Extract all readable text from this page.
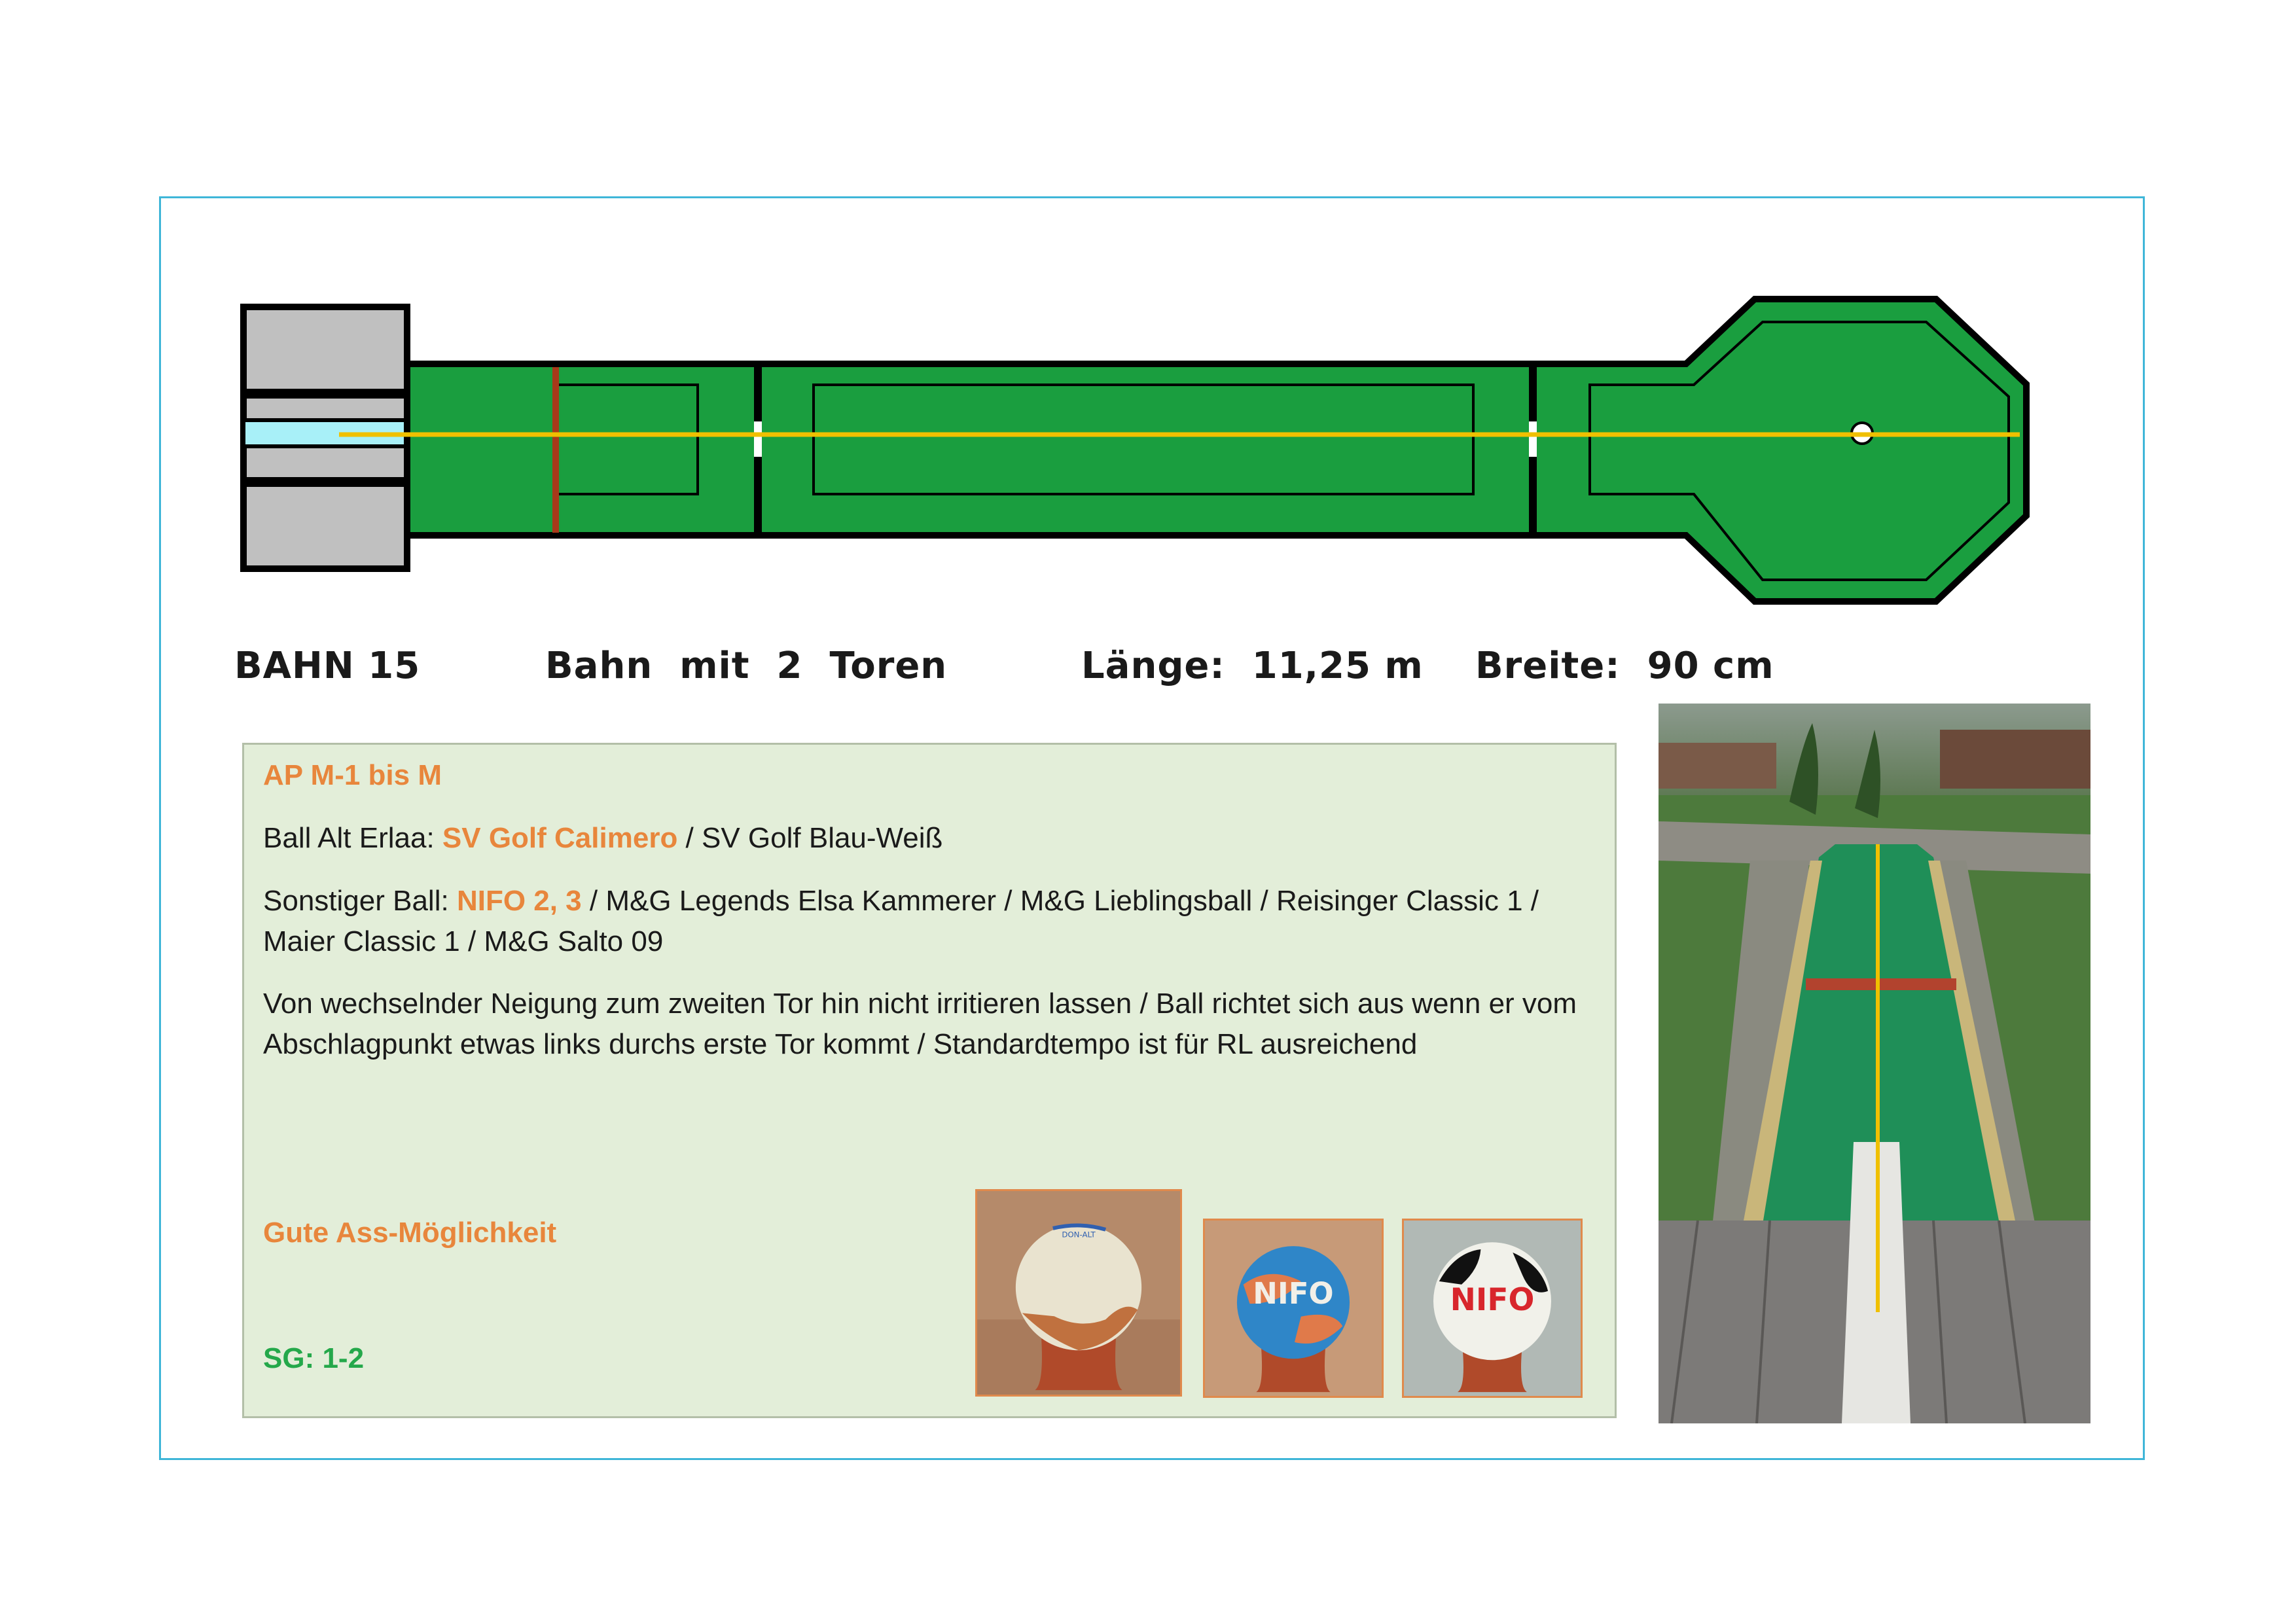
BAHN 15	Bahn  mit  2  Toren	Länge:  11,25 m Breite:  90 cm
AP M-1 bis M
Ball Alt Erlaa: SV Golf Calimero / SV Golf Blau-Weiß
Sonstiger Ball: NIFO 2, 3 / M&G Legends Elsa Kammerer / M&G Lieblingsball / Reisinger Classic 1 / Maier Classic 1 / M&G Salto 09
Von wechselnder Neigung zum zweiten Tor hin nicht irritieren lassen / Ball richtet sich aus wenn er vom Abschlagpunkt etwas links durchs erste Tor kommt / Standardtempo ist für RL ausreichend
Gute Ass-Möglichkeit
SG: 1-2
DON-ALT
NIFO	NIFO
